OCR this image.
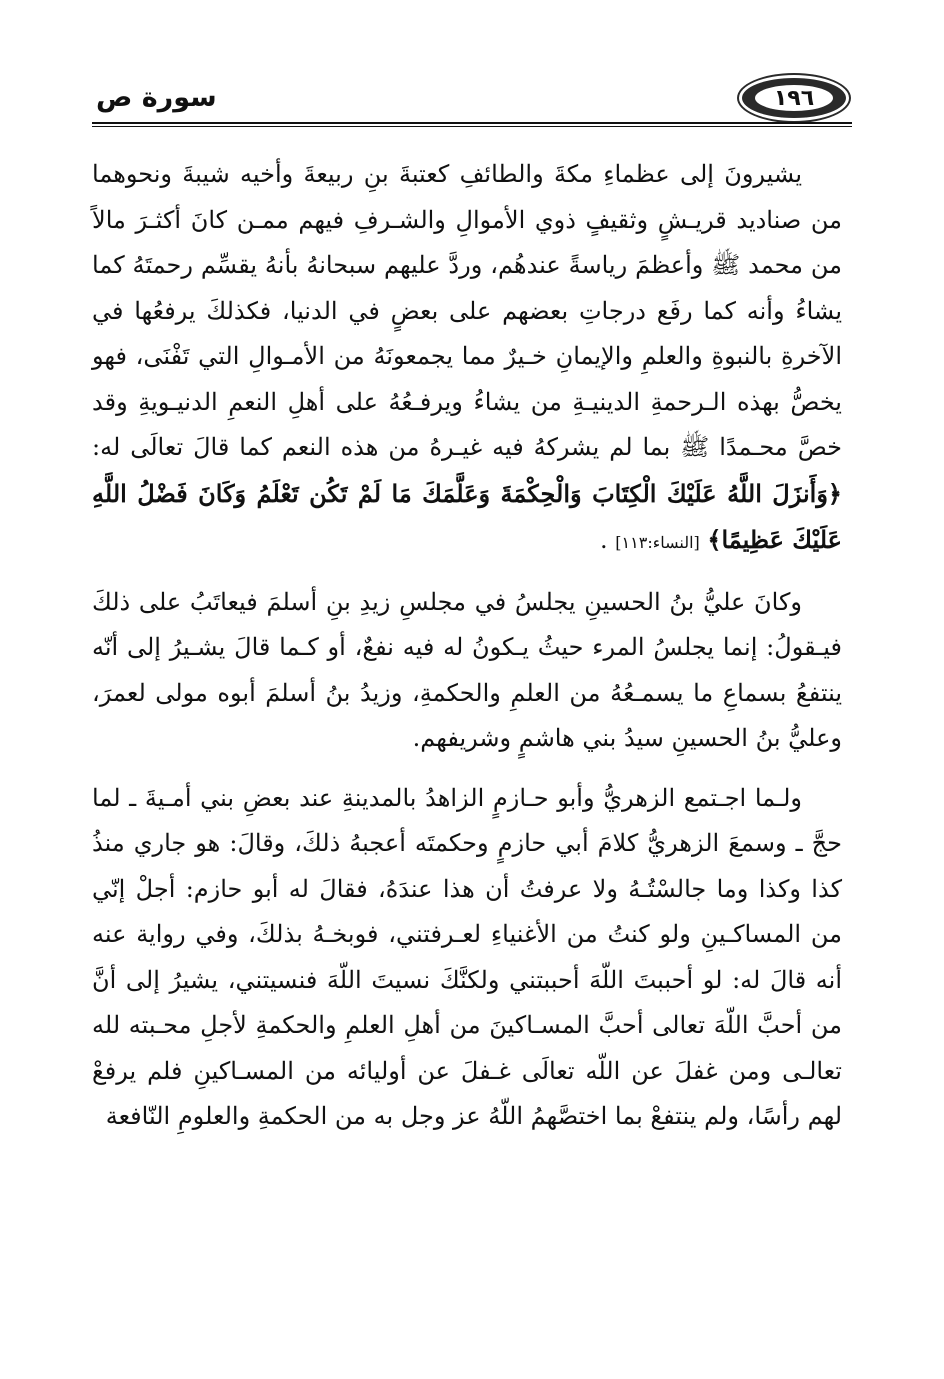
١٩٦
سورة ص

يشيرونَ إلى عظماءِ مكةَ والطائفِ كعتبةَ بنِ ربيعةَ وأخيه شيبةَ ونحوهما من صناديد قريـشٍ وثقيفٍ ذوي الأموالِ والشـرفِ فيهم ممـن كانَ أكثـرَ مالاً من محمد ﷺ وأعظمَ رياسةً عندهُم، وردَّ عليهم سبحانهُ بأنهُ يقسِّم رحمتَهُ كما يشاءُ وأنه كما رفَع درجاتِ بعضهم على بعضٍ في الدنيا، فكذلكَ يرفعُها في الآخرةِ بالنبوةِ والعلمِ والإيمانِ خـيرٌ مما يجمعونَهُ من الأمـوالِ التي تَفْنَى، فهو يخصُّ بهذه الـرحمةِ الدينيـةِ من يشاءُ ويرفـعُهُ على أهلِ النعمِ الدنيـويةِ وقد خصَّ محـمدًا ﷺ بما لم يشركهُ فيه غيـرهُ من هذه النعم كما قالَ تعالَى له: ﴿وَأَنزَلَ اللَّهُ عَلَيْكَ الْكِتَابَ وَالْحِكْمَةَ وَعَلَّمَكَ مَا لَمْ تَكُن تَعْلَمُ وَكَانَ فَضْلُ اللَّهِ عَلَيْكَ عَظِيمًا﴾ [النساء:١١٣] .

وكانَ عليُّ بنُ الحسينِ يجلسُ في مجلسِ زيدِ بنِ أسلمَ فيعاتَبُ على ذلكَ فيـقولُ: إنما يجلسُ المرء حيثُ يـكونُ له فيه نفعٌ، أو كـما قالَ يشـيرُ إلى أنّه ينتفعُ بسماعِ ما يسمـعُهُ من العلمِ والحكمةِ، وزيدُ بنُ أسلمَ أبوه مولى لعمرَ، وعليُّ بنُ الحسينِ سيدُ بني هاشمٍ وشريفهم.

ولـما اجـتمع الزهريُّ وأبو حـازمٍ الزاهدُ بالمدينةِ عند بعضِ بني أمـيةَ ـ لما حجَّ ـ وسمعَ الزهريُّ كلامَ أبي حازمٍ وحكمتَه أعجبهُ ذلكَ، وقالَ: هو جاري منذُ كذا وكذا وما جالسْتُـهُ ولا عرفتُ أن هذا عندَهُ، فقالَ له أبو حازم: أجلْ إنّي من المساكـينِ ولو كنتُ من الأغنياءِ لعـرفتني، فوبخـهُ بذلكَ، وفي رواية عنه أنه قالَ له: لو أحببتَ اللّهَ أحببتني ولكنَّكَ نسيتَ اللّهَ فنسيتني، يشيرُ إلى أنَّ من أحبَّ اللّهَ تعالى أحبَّ المسـاكينَ من أهلِ العلمِ والحكمةِ لأجلِ محـبته لله تعالـى ومن غفلَ عن اللّه تعالَى غـفلَ عن أوليائه من المسـاكينِ فلم يرفعْ لهم رأسًا، ولم ينتفعْ بما اختصَّهمُ اللّهُ عز وجل به من الحكمةِ والعلومِ النّافعة
